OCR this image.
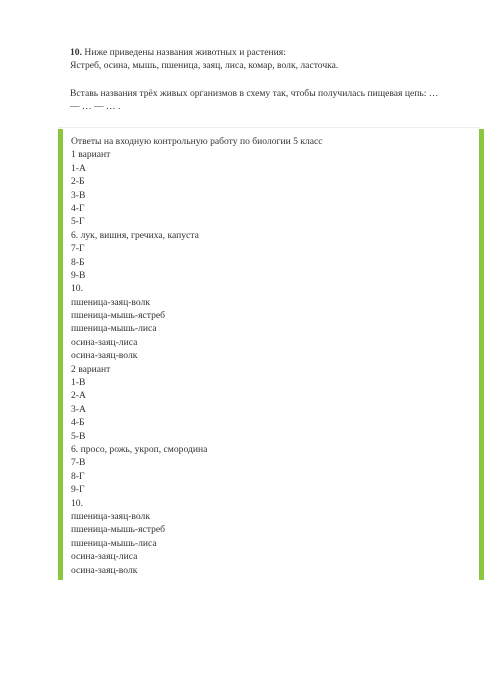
10. Ниже приведены названия животных и растения:

Ястреб, осина, мышь, пшеница, заяц, лиса, комар, волк, ласточка.

Вставь названия трёх живых организмов в схему так, чтобы получилась пищевая цепь: …

— … — … .

Ответы на входную контрольную работу по биологии 5 класс
1 вариант
1-А
2-Б
3-В
4-Г
5-Г
6. лук, вишня, гречиха, капуста
7-Г
8-Б
9-В
10.
пшеница-заяц-волк
пшеница-мышь-ястреб
пшеница-мышь-лиса
осина-заяц-лиса
осина-заяц-волк
2 вариант
1-В
2-А
3-А
4-Б
5-В
6. просо, рожь, укроп, смородина
7-В
8-Г
9-Г
10.
пшеница-заяц-волк
пшеница-мышь-ястреб
пшеница-мышь-лиса
осина-заяц-лиса
осина-заяц-волк
